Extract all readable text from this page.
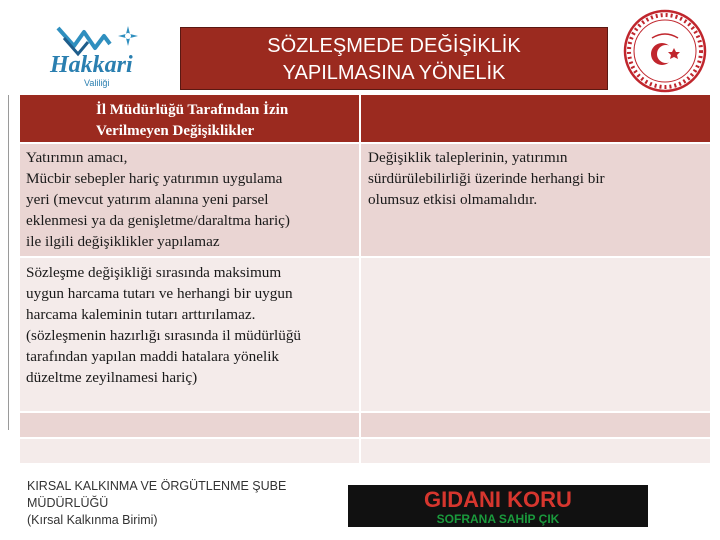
Hakkari
Valiliği
SÖZLEŞMEDE DEĞİŞİKLİK
YAPILMASINA YÖNELİK
İl Müdürlüğü Tarafından İzin
Verilmeyen Değişiklikler
Yatırımın amacı,
Mücbir sebepler hariç yatırımın uygulama
yeri (mevcut yatırım alanına yeni parsel
eklenmesi ya da genişletme/daraltma hariç)
ile ilgili değişiklikler yapılamaz
Değişiklik taleplerinin, yatırımın
sürdürülebilirliği üzerinde herhangi bir
olumsuz etkisi olmamalıdır.
Sözleşme değişikliği sırasında maksimum
uygun harcama tutarı ve herhangi bir uygun
harcama kaleminin tutarı arttırılamaz.
(sözleşmenin hazırlığı sırasında il müdürlüğü
tarafından yapılan maddi hatalara yönelik
düzeltme zeyilnamesi hariç)
KIRSAL KALKINMA VE ÖRGÜTLENME ŞUBE
MÜDÜRLÜĞÜ
(Kırsal Kalkınma Birimi)
GIDANI KORU
SOFRANA SAHİP ÇIK
